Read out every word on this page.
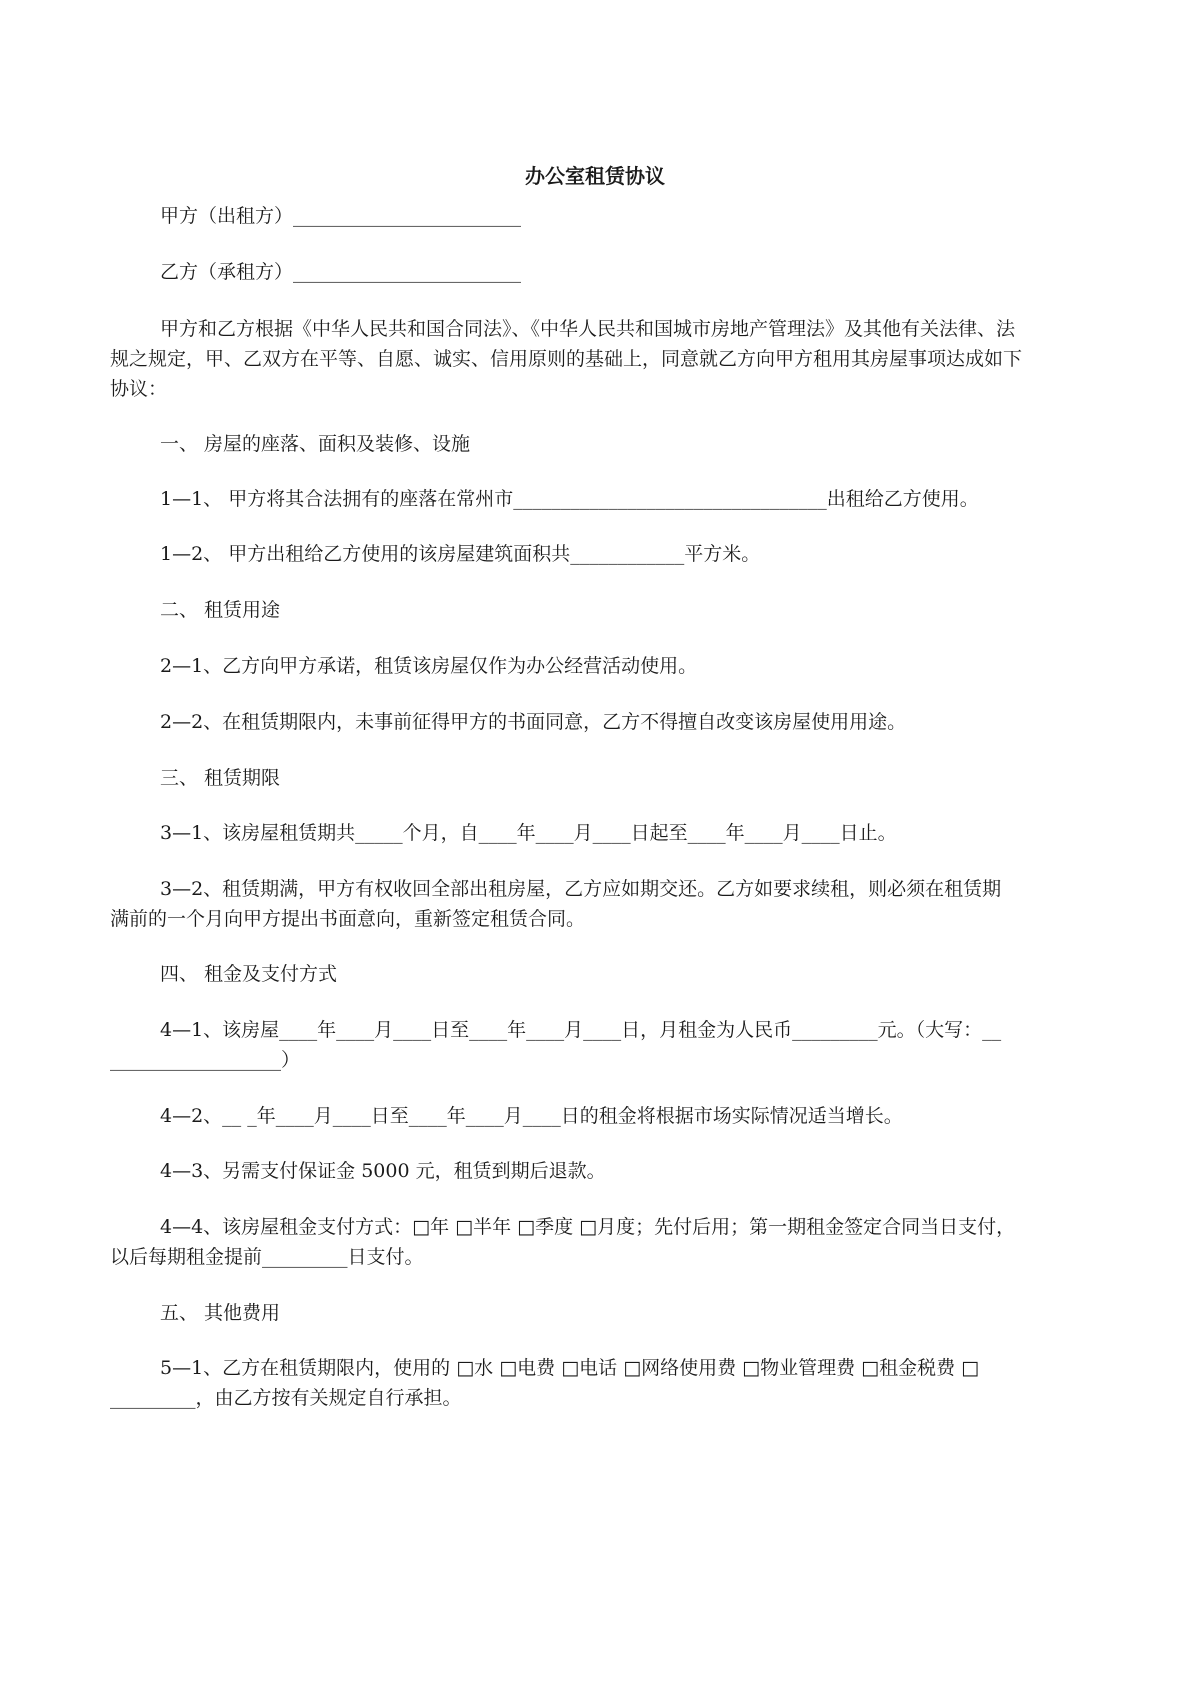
办公室租赁协议
甲方（出租方）________________________
乙方（承租方）________________________
甲方和乙方根据《中华人民共和国合同法》、《中华人民共和国城市房地产管理法》及其他有关法律、法
规之规定，甲、乙双方在平等、自愿、诚实、信用原则的基础上，同意就乙方向甲方租用其房屋事项达成如下
协议：
一、 房屋的座落、面积及装修、设施
1—1、 甲方将其合法拥有的座落在常州市_________________________________出租给乙方使用。
1—2、 甲方出租给乙方使用的该房屋建筑面积共____________平方米。
二、 租赁用途
2—1、乙方向甲方承诺，租赁该房屋仅作为办公经营活动使用。
2—2、在租赁期限内，未事前征得甲方的书面同意，乙方不得擅自改变该房屋使用用途。
三、 租赁期限
3—1、该房屋租赁期共_____个月，自____年____月____日起至____年____月____日止。
3—2、租赁期满，甲方有权收回全部出租房屋，乙方应如期交还。乙方如要求续租，则必须在租赁期
满前的一个月向甲方提出书面意向，重新签定租赁合同。
四、 租金及支付方式
4—1、该房屋____年____月____日至____年____月____日，月租金为人民币_________元。（大写：__
__________________）
4—2、__ _年____月____日至____年____月____日的租金将根据市场实际情况适当增长。
4—3、另需支付保证金 5000 元，租赁到期后退款。
4—4、该房屋租金支付方式：□年 □半年 □季度 □月度；先付后用；第一期租金签定合同当日支付，
以后每期租金提前_________日支付。
五、 其他费用
5—1、乙方在租赁期限内，使用的 □水 □电费 □电话 □网络使用费 □物业管理费 □租金税费 □
_________，由乙方按有关规定自行承担。
